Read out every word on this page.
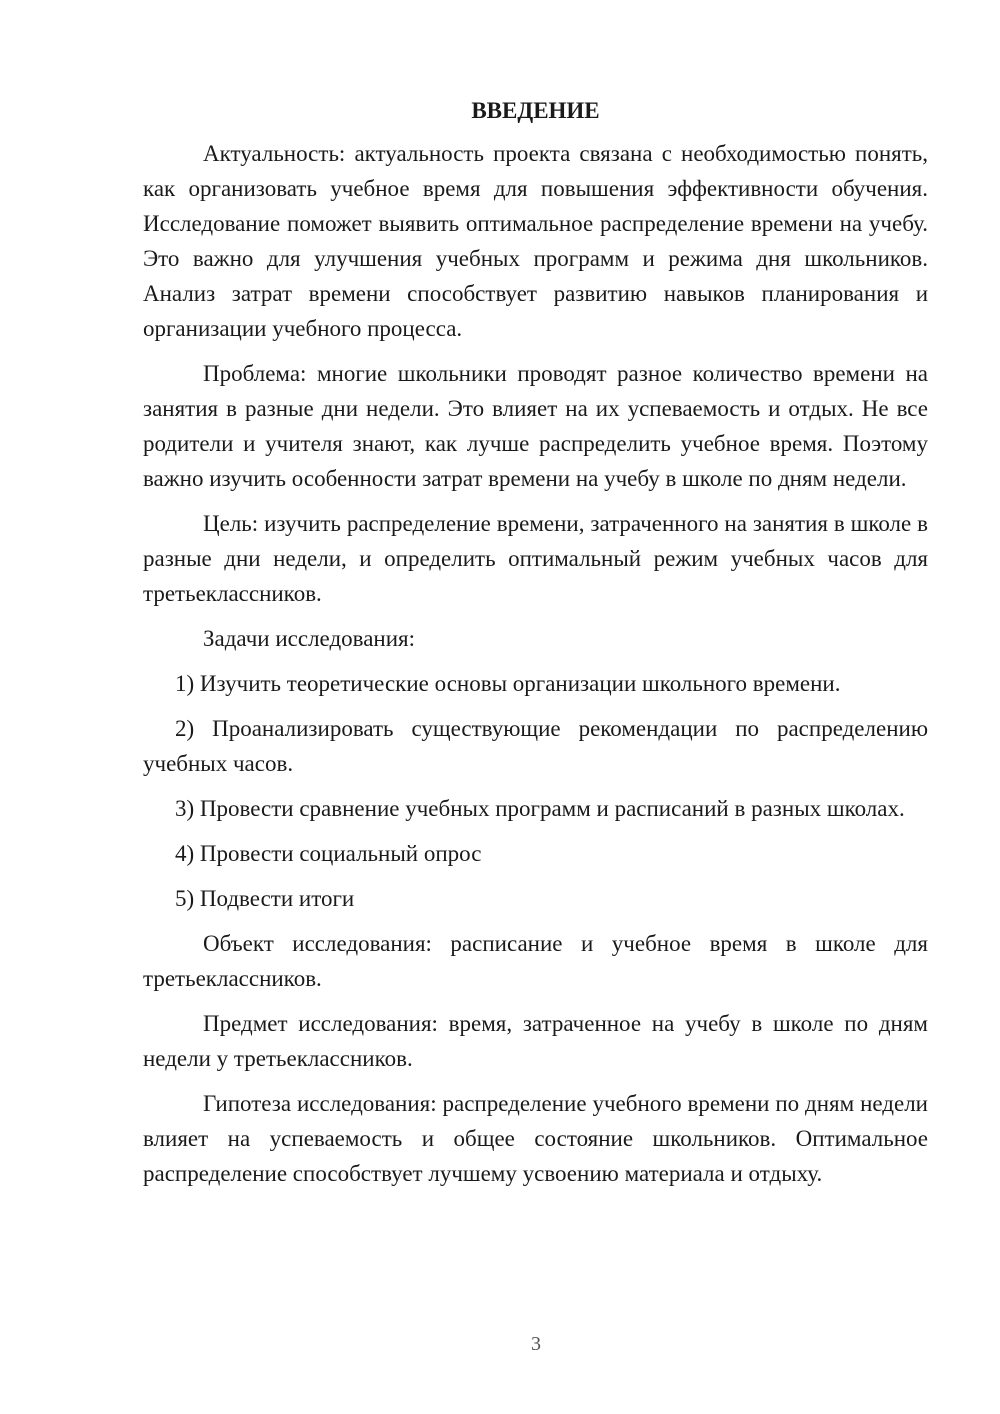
ВВЕДЕНИЕ

Актуальность: актуальность проекта связана с необходимостью понять, как организовать учебное время для повышения эффективности обучения. Исследование поможет выявить оптимальное распределение времени на учебу. Это важно для улучшения учебных программ и режима дня школьников. Анализ затрат времени способствует развитию навыков планирования и организации учебного процесса.

Проблема: многие школьники проводят разное количество времени на занятия в разные дни недели. Это влияет на их успеваемость и отдых. Не все родители и учителя знают, как лучше распределить учебное время. Поэтому важно изучить особенности затрат времени на учебу в школе по дням недели.

Цель: изучить распределение времени, затраченного на занятия в школе в разные дни недели, и определить оптимальный режим учебных часов для третьеклассников.

Задачи исследования:

1) Изучить теоретические основы организации школьного времени.

2) Проанализировать существующие рекомендации по распределению учебных часов.

3) Провести сравнение учебных программ и расписаний в разных школах.

4) Провести социальный опрос

5) Подвести итоги

Объект исследования: расписание и учебное время в школе для третьеклассников.

Предмет исследования: время, затраченное на учебу в школе по дням недели у третьеклассников.

Гипотеза исследования: распределение учебного времени по дням недели влияет на успеваемость и общее состояние школьников. Оптимальное распределение способствует лучшему усвоению материала и отдыху.

3
